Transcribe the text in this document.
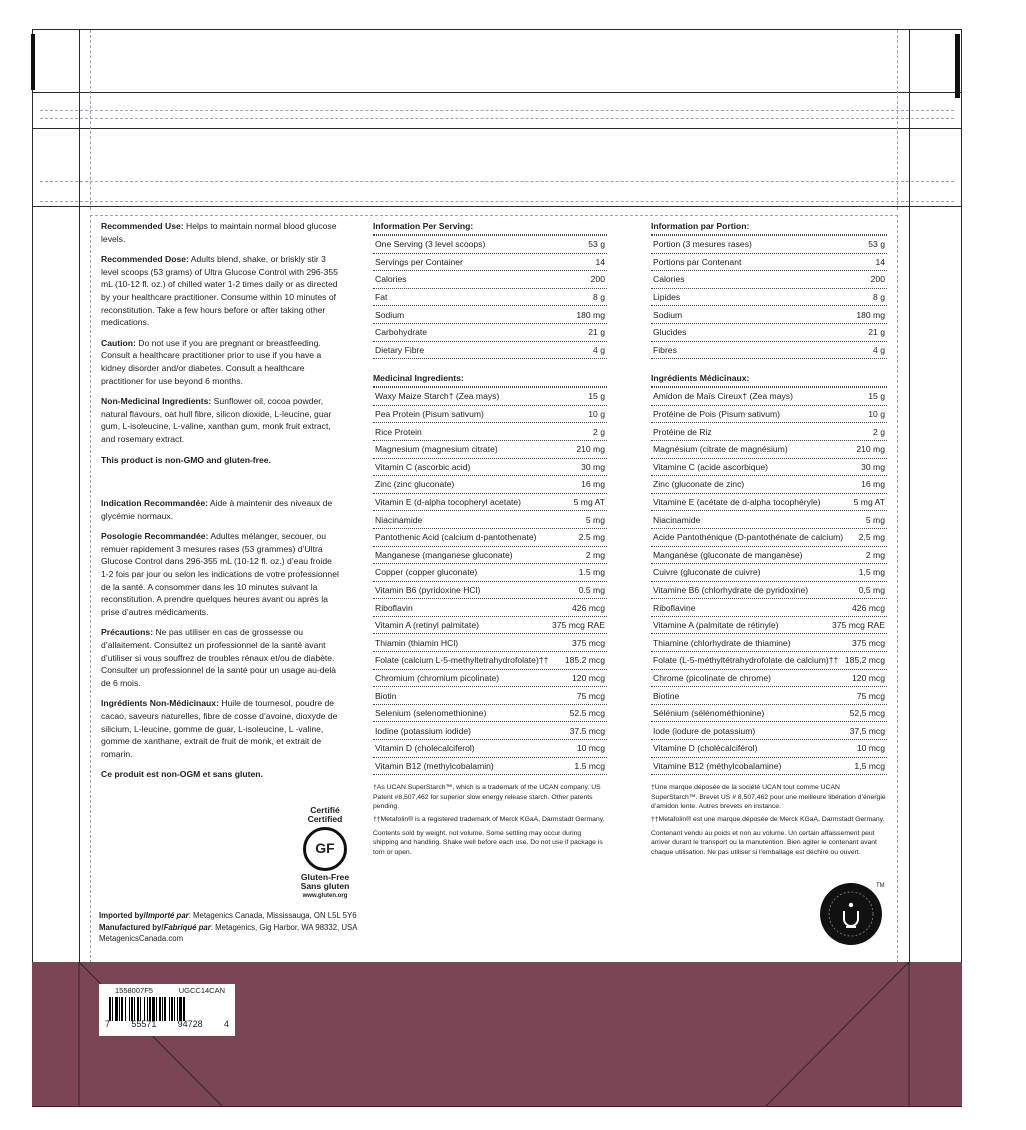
Recommended Use: Helps to maintain normal blood glucose levels.

Recommended Dose: Adults blend, shake, or briskly stir 3 level scoops (53 grams) of Ultra Glucose Control with 296-355 mL (10-12 fl. oz.) of chilled water 1-2 times daily or as directed by your healthcare practitioner. Consume within 10 minutes of reconstitution. Take a few hours before or after taking other medications.

Caution: Do not use if you are pregnant or breastfeeding. Consult a healthcare practitioner prior to use if you have a kidney disorder and/or diabetes. Consult a healthcare practitioner for use beyond 6 months.

Non-Medicinal Ingredients: Sunflower oil, cocoa powder, natural flavours, oat hull fibre, silicon dioxide, L-leucine, guar gum, L-isoleucine, L-valine, xanthan gum, monk fruit extract, and rosemary extract.

This product is non-GMO and gluten-free.

Indication Recommandée: Aide à maintenir des niveaux de glycémie normaux.

Posologie Recommandée: Adultes mélanger, secouer, ou remuer rapidement 3 mesures rases (53 grammes) d’Ultra Glucose Control dans 296-355 mL (10-12 fl. oz.) d’eau froide 1-2 fois par jour ou selon les indications de votre professionnel de la santé. A consommer dans les 10 minutes suivant la reconstitution. A prendre quelques heures avant ou après la prise d’autres médicaments.

Précautions: Ne pas utiliser en cas de grossesse ou d’allaitement. Consultez un professionnel de la santé avant d’utiliser si vous souffrez de troubles rénaux et/ou de diabète. Consulter un professionnel de la santé pour un usage au-delà de 6 mois.

Ingrédients Non-Médicinaux: Huile de tournesol, poudre de cacao, saveurs naturelles, fibre de cosse d’avoine, dioxyde de silicium, L-leucine, gomme de guar, L-isoleucine, L -valine, gomme de xanthane, extrait de fruit de monk, et extrait de romarin.

Ce produit est non-OGM et sans gluten.

Certifié
Certified
GF
Gluten-Free
Sans gluten
www.gluten.org
Imported by/Importé par: Metagenics Canada, Mississauga, ON L5L 5Y6
Manufactured by/Fabriqué par: Metagenics, Gig Harbor, WA 98332, USA
MetagenicsCanada.com
Information Per Serving:
One Serving (3 level scoops)	53 g
Servings per Container	14
Calories	200
Fat	8 g
Sodium	180 mg
Carbohydrate	21 g
Dietary Fibre	4 g
Medicinal Ingredients:
Waxy Maize Starch† (Zea mays)	15 g
Pea Protein (Pisum sativum)	10 g
Rice Protein	2 g
Magnesium (magnesium citrate)	210 mg
Vitamin C (ascorbic acid)	30 mg
Zinc (zinc gluconate)	16 mg
Vitamin E (d-alpha tocopheryl acetate)	5 mg AT
Niacinamide	5 mg
Pantothenic Acid (calcium d-pantothenate)	2.5 mg
Manganese (manganese gluconate)	2 mg
Copper (copper gluconate)	1.5 mg
Vitamin B6 (pyridoxine HCl)	0.5 mg
Riboflavin	426 mcg
Vitamin A (retinyl palmitate)	375 mcg RAE
Thiamin (thiamin HCl)	375 mcg
Folate (calcium L-5-methyltetrahydrofolate)†† 185.2 mcg
Chromium (chromium picolinate)	120 mcg
Biotin	75 mcg
Selenium (selenomethionine)	52.5 mcg
Iodine (potassium iodide)	37.5 mcg
Vitamin D (cholecalciferol)	10 mcg
Vitamin B12 (methylcobalamin)	1.5 mcg

†As UCAN SuperStarch™, which is a trademark of the UCAN company. US Patent #8,507,462 for superior slow energy release starch. Other patents pending.

††Metafolin® is a registered trademark of Merck KGaA, Darmstadt Germany.

Contents sold by weight, not volume. Some settling may occur during shipping and handling. Shake well before each use. Do not use if package is torn or open.

Information par Portion:
Portion (3 mesures rases)	53 g
Portions par Contenant	14
Calories	200
Lipides	8 g
Sodium	180 mg
Glucides	21 g
Fibres	4 g
Ingrédients Médicinaux:
Amidon de Maïs Cireux† (Zea mays)	15 g
Protéine de Pois (Pisum sativum)	10 g
Protéine de Riz	2 g
Magnésium (citrate de magnésium)	210 mg
Vitamine C (acide ascorbique)	30 mg
Zinc (gluconate de zinc)	16 mg
Vitamine E (acétate de d-alpha tocophéryle)	5 mg AT
Niacinamide	5 mg
Acide Pantothénique (D-pantothénate de calcium) 2,5 mg
Manganèse (gluconate de manganèse)	2 mg
Cuivre (gluconate de cuivre)	1,5 mg
Vitamine B6 (chlorhydrate de pyridoxine)	0,5 mg
Riboflavine	426 mcg
Vitamine A (palmitate de rétinyle)	375 mcg RAE
Thiamine (chlorhydrate de thiamine)	375 mcg
Folate (L-5-méthyltétrahydrofolate de calcium)†† 185,2 mcg
Chrome (picolinate de chrome)	120 mcg
Biotine	75 mcg
Sélénium (sélénométhionine)	52,5 mcg
Iode (iodure de potassium)	37,5 mcg
Vitamine D (cholécalciférol)	10 mcg
Vitamine B12 (méthylcobalamine)	1,5 mcg

†Une marque déposée de la société UCAN tout comme UCAN SuperStarch™. Brevet US # 8,507,462 pour une meilleure libération d’énergie d’amidon lente. Autres brevets en instance.

††Metafolin® est une marque déposée de Merck KGaA, Darmstadt Germany.

Contenant vendu au poids et non au volume. Un certain affaissement peut arriver durant le transport ou la manutention. Bien agiter le contenant avant chaque utilisation. Ne pas utiliser si l’emballage est déchiré ou ouvert.

TM
1558007F5	UGCC14CAN
7 55571 94728 4
